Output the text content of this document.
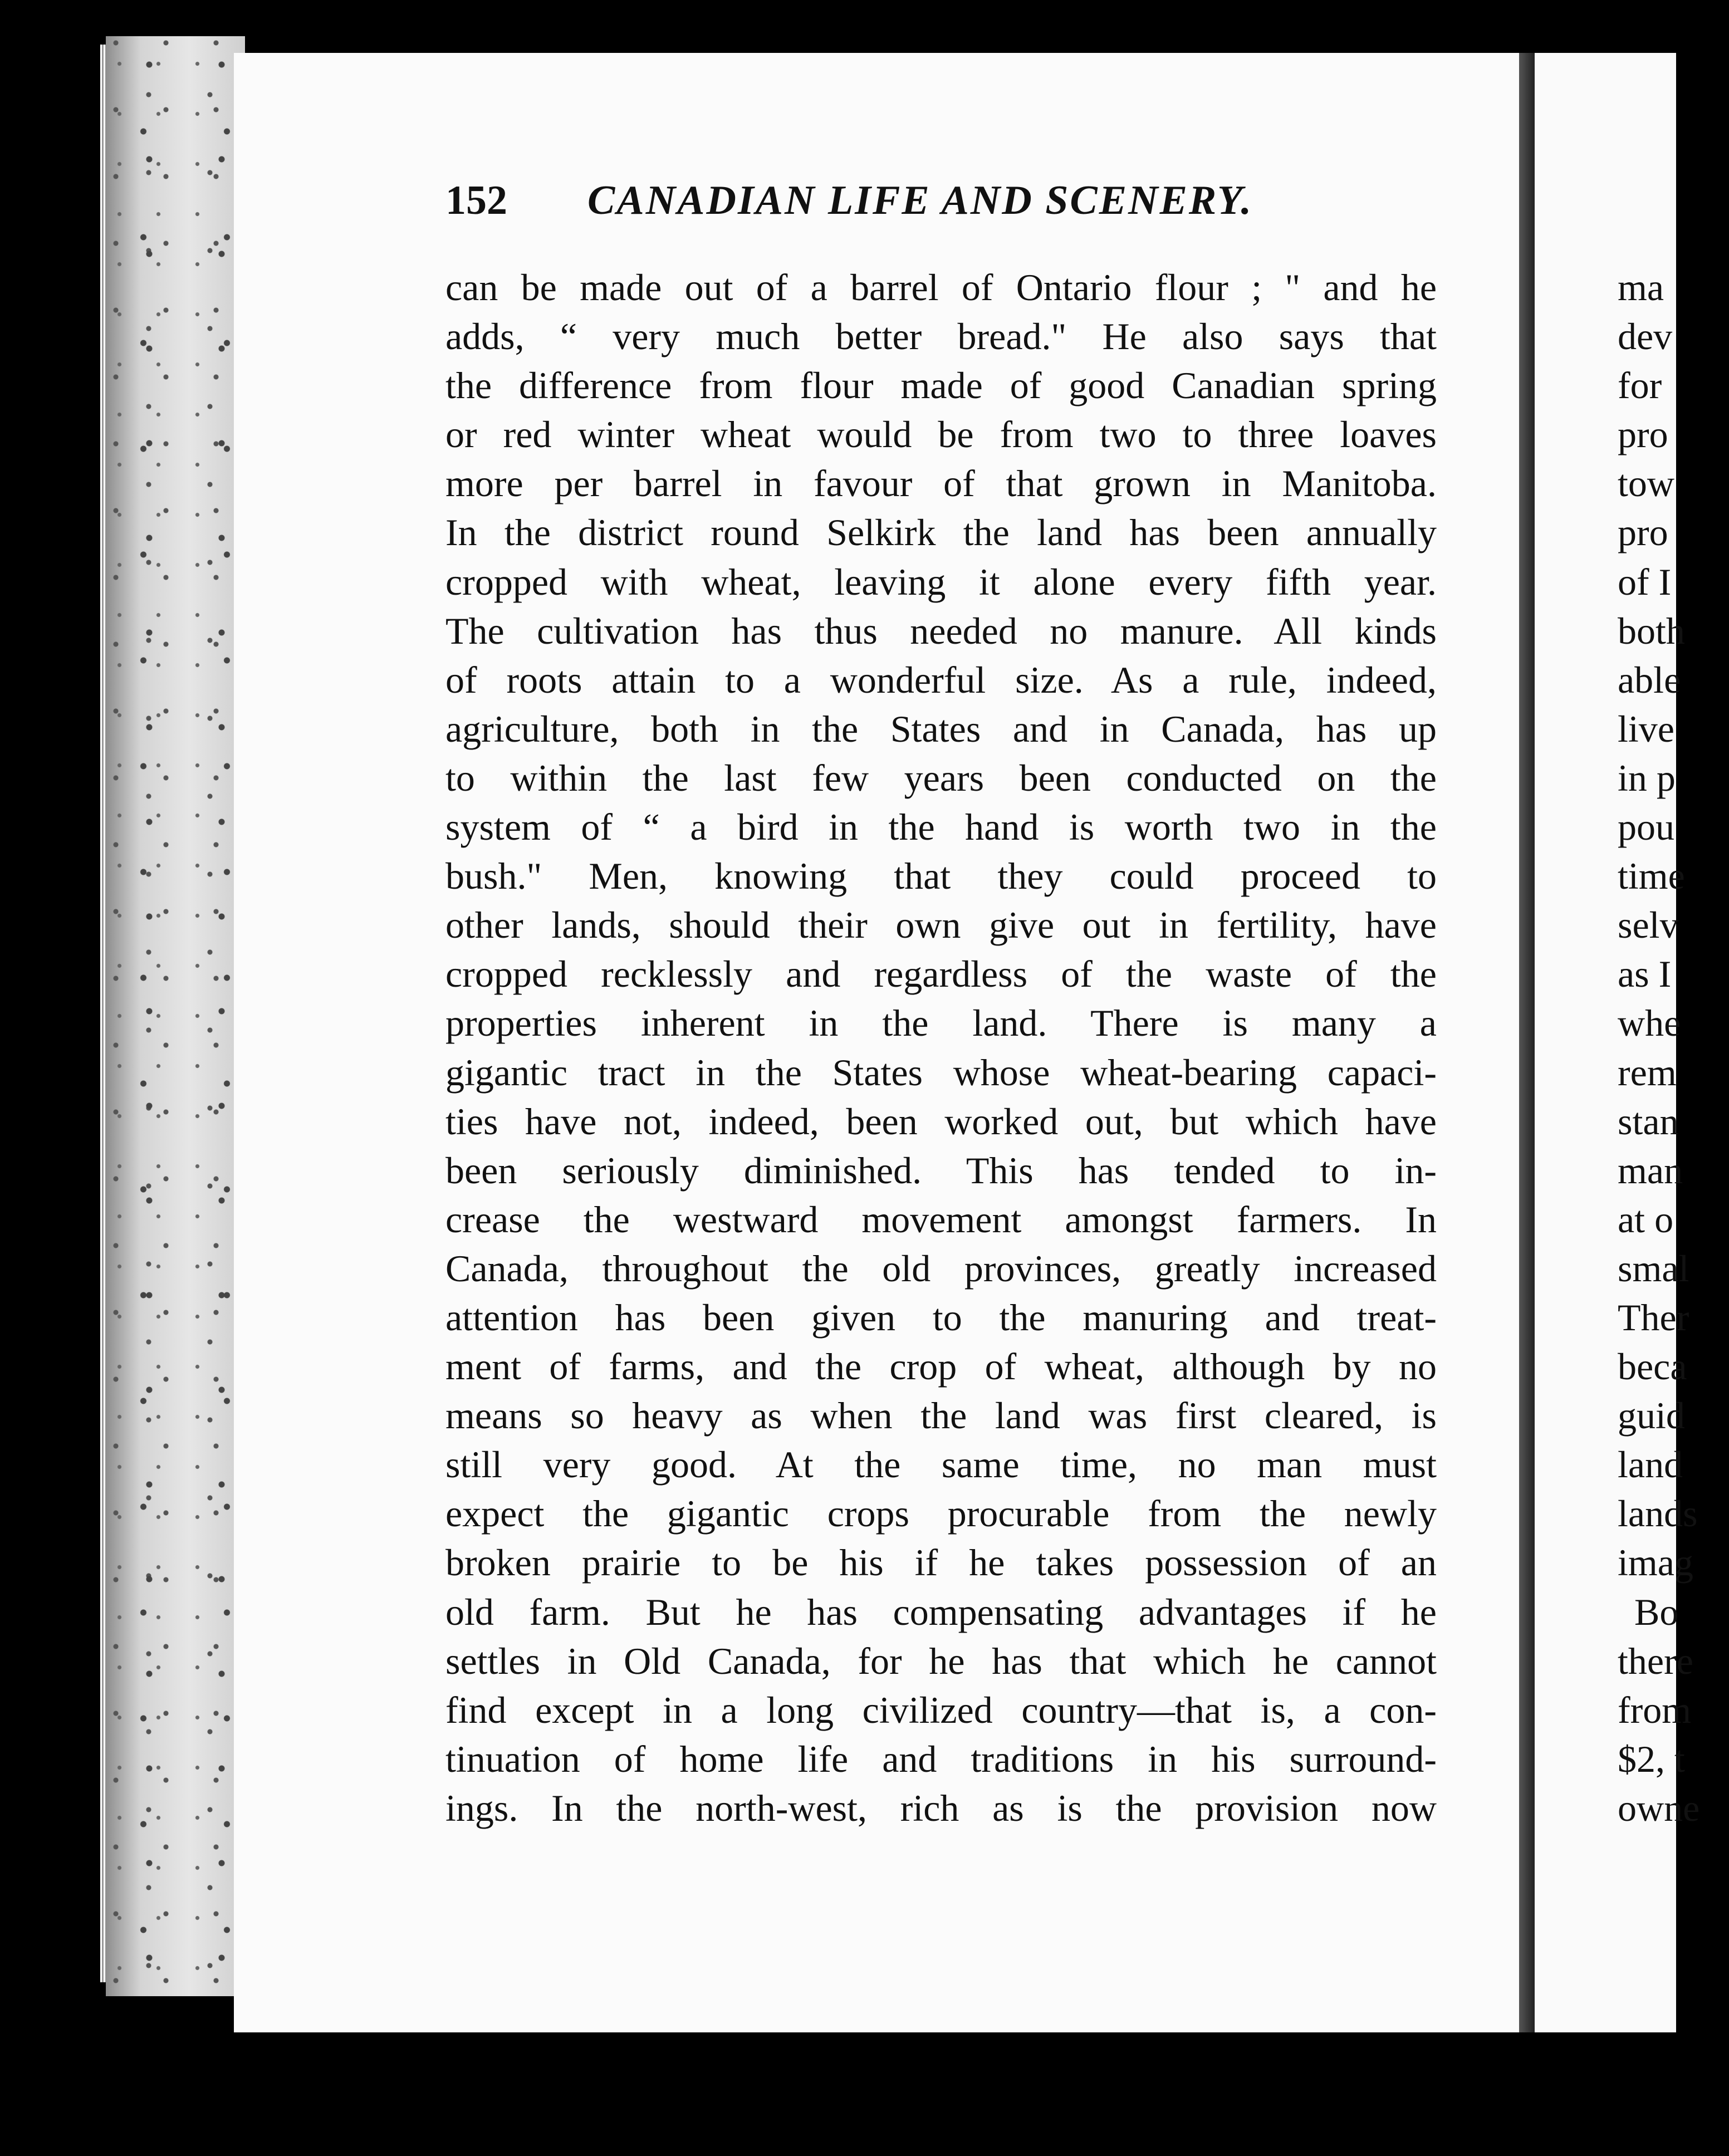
152 CANADIAN LIFE AND SCENERY.
can be made out of a barrel of Ontario flour ; " and he
adds, “ very much better bread." He also says that
the difference from flour made of good Canadian spring
or red winter wheat would be from two to three loaves
more per barrel in favour of that grown in Manitoba.
In the district round Selkirk the land has been annually
cropped with wheat, leaving it alone every fifth year.
The cultivation has thus needed no manure. All kinds
of roots attain to a wonderful size. As a rule, indeed,
agriculture, both in the States and in Canada, has up
to within the last few years been conducted on the
system of “ a bird in the hand is worth two in the
bush." Men, knowing that they could proceed to
other lands, should their own give out in fertility, have
cropped recklessly and regardless of the waste of the
properties inherent in the land. There is many a
gigantic tract in the States whose wheat-bearing capaci-
ties have not, indeed, been worked out, but which have
been seriously diminished. This has tended to in-
crease the westward movement amongst farmers. In
Canada, throughout the old provinces, greatly increased
attention has been given to the manuring and treat-
ment of farms, and the crop of wheat, although by no
means so heavy as when the land was first cleared, is
still very good. At the same time, no man must
expect the gigantic crops procurable from the newly
broken prairie to be his if he takes possession of an
old farm. But he has compensating advantages if he
settles in Old Canada, for he has that which he cannot
find except in a long civilized country—that is, a con-
tinuation of home life and traditions in his surround-
ings. In the north-west, rich as is the provision now
ma
dev
for
pro
tow
pro
of I
both
able
live
in p
pou
time
selv
as I
whe
rem
stan
man
at o
smal
Ther
beca
guid
land
lands
imag
Bo
there
from
$2, t
owne
